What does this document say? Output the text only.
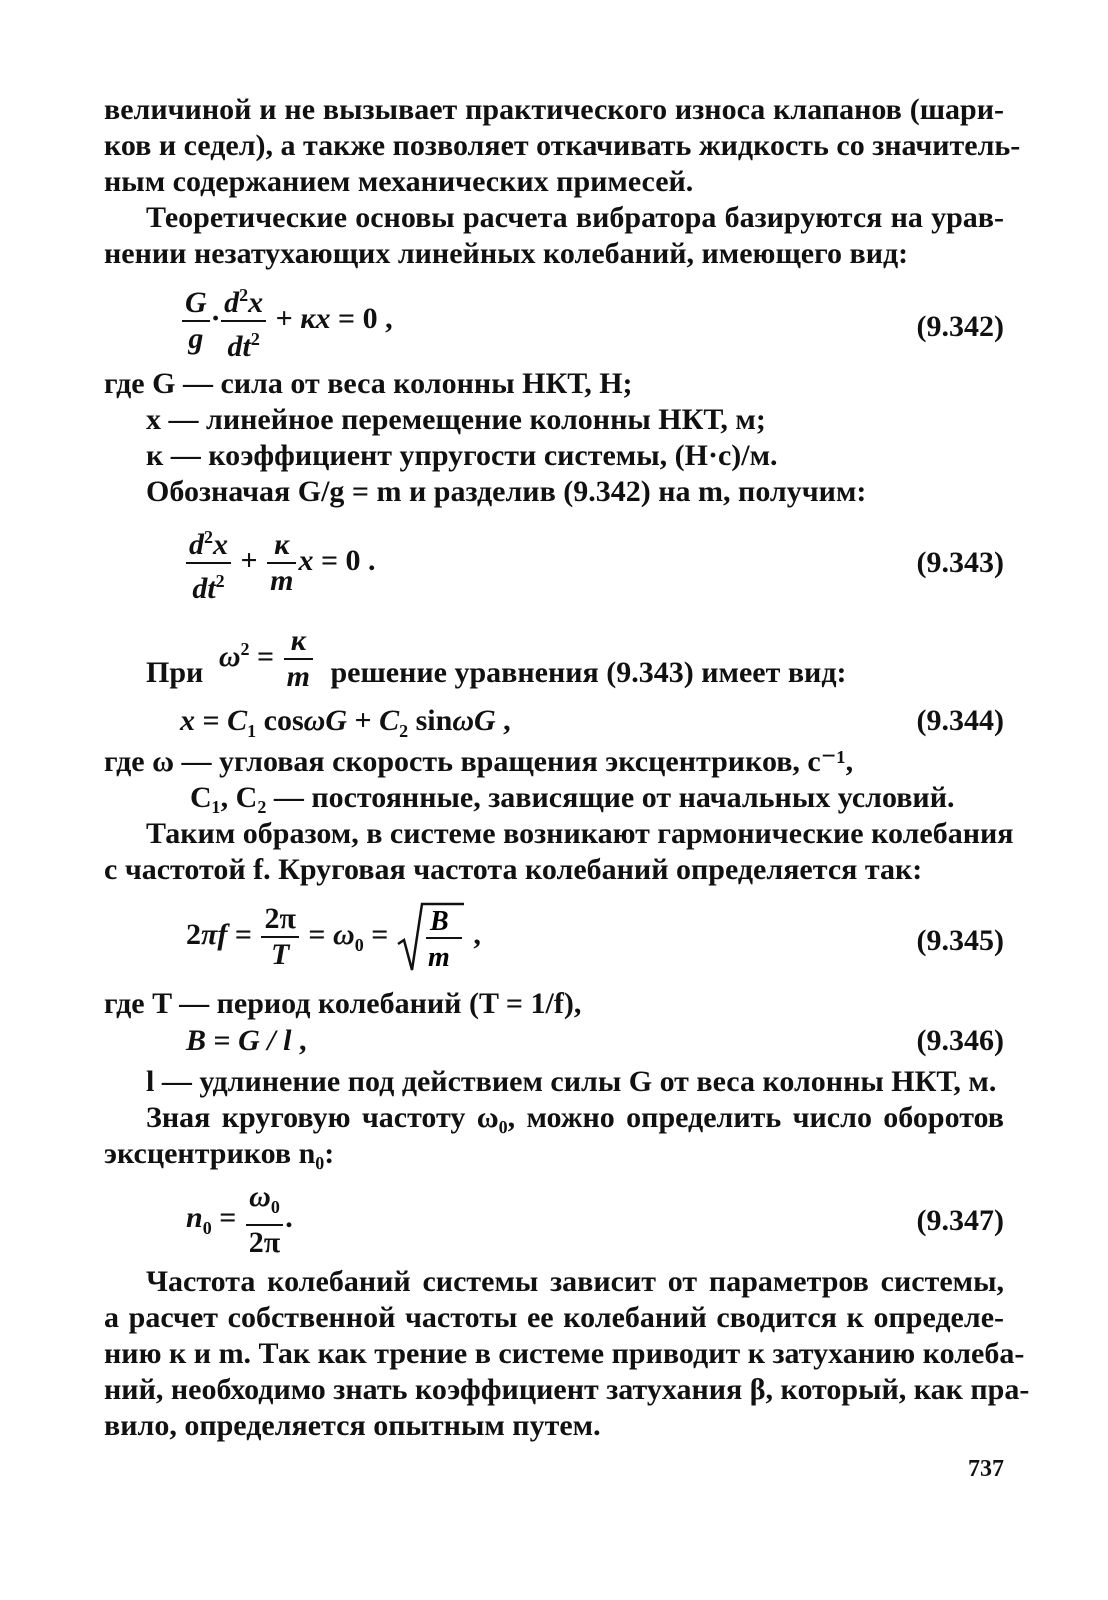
величиной и не вызывает практического износа клапанов (шари-
ков и седел), а также позволяет откачивать жидкость со значитель-
ным содержанием механических примесей.
Теоретические основы расчета вибратора базируются на урав-
нении незатухающих линейных колебаний, имеющего вид:
$\frac{G}{g} \cdot \frac{d^2x}{dt^2}$ + кx = 0 ,	(9.342)
где G — сила от веса колонны НКТ, Н;
x — линейное перемещение колонны НКТ, м;
к — коэффициент упругости системы, (Н·с)/м.
Обозначая G/g = m и разделив (9.342) на m, получим:
$\frac{d^2x}{dt^2} + \frac{к}{m}$ x = 0 .	(9.343)
При $\omega^2 = \frac{к}{m}$ решение уравнения (9.343) имеет вид:
$x = C_1$ $\cos\omega G + C_2$ sinωG ,	(9.344)
где ω — угловая скорость вращения эксцентриков, с⁻¹,
C₁, C₂ — постоянные, зависящие от начальных условий.
Таким образом, в системе возникают гармонические колебания
с частотой f. Круговая частота колебаний определяется так:
$2\pi f = \frac{2\pi}{T} = \omega_0 = B$
m
,	(9.345)
где T — период колебаний (T = 1/f),
B = G / l ,	(9.346)
l — удлинение под действием силы G от веса колонны НКТ, м.
Зная круговую частоту ω₀, можно определить число оборотов
эксцентриков n₀:
$n_0 = \frac{\omega_0}{2\pi}$ .	(9.347)
Частота колебаний системы зависит от параметров системы,
а расчет собственной частоты ее колебаний сводится к определе-
нию к и m. Так как трение в системе приводит к затуханию колеба-
ний, необходимо знать коэффициент затухания β, который, как пра-
вило, определяется опытным путем.
737
